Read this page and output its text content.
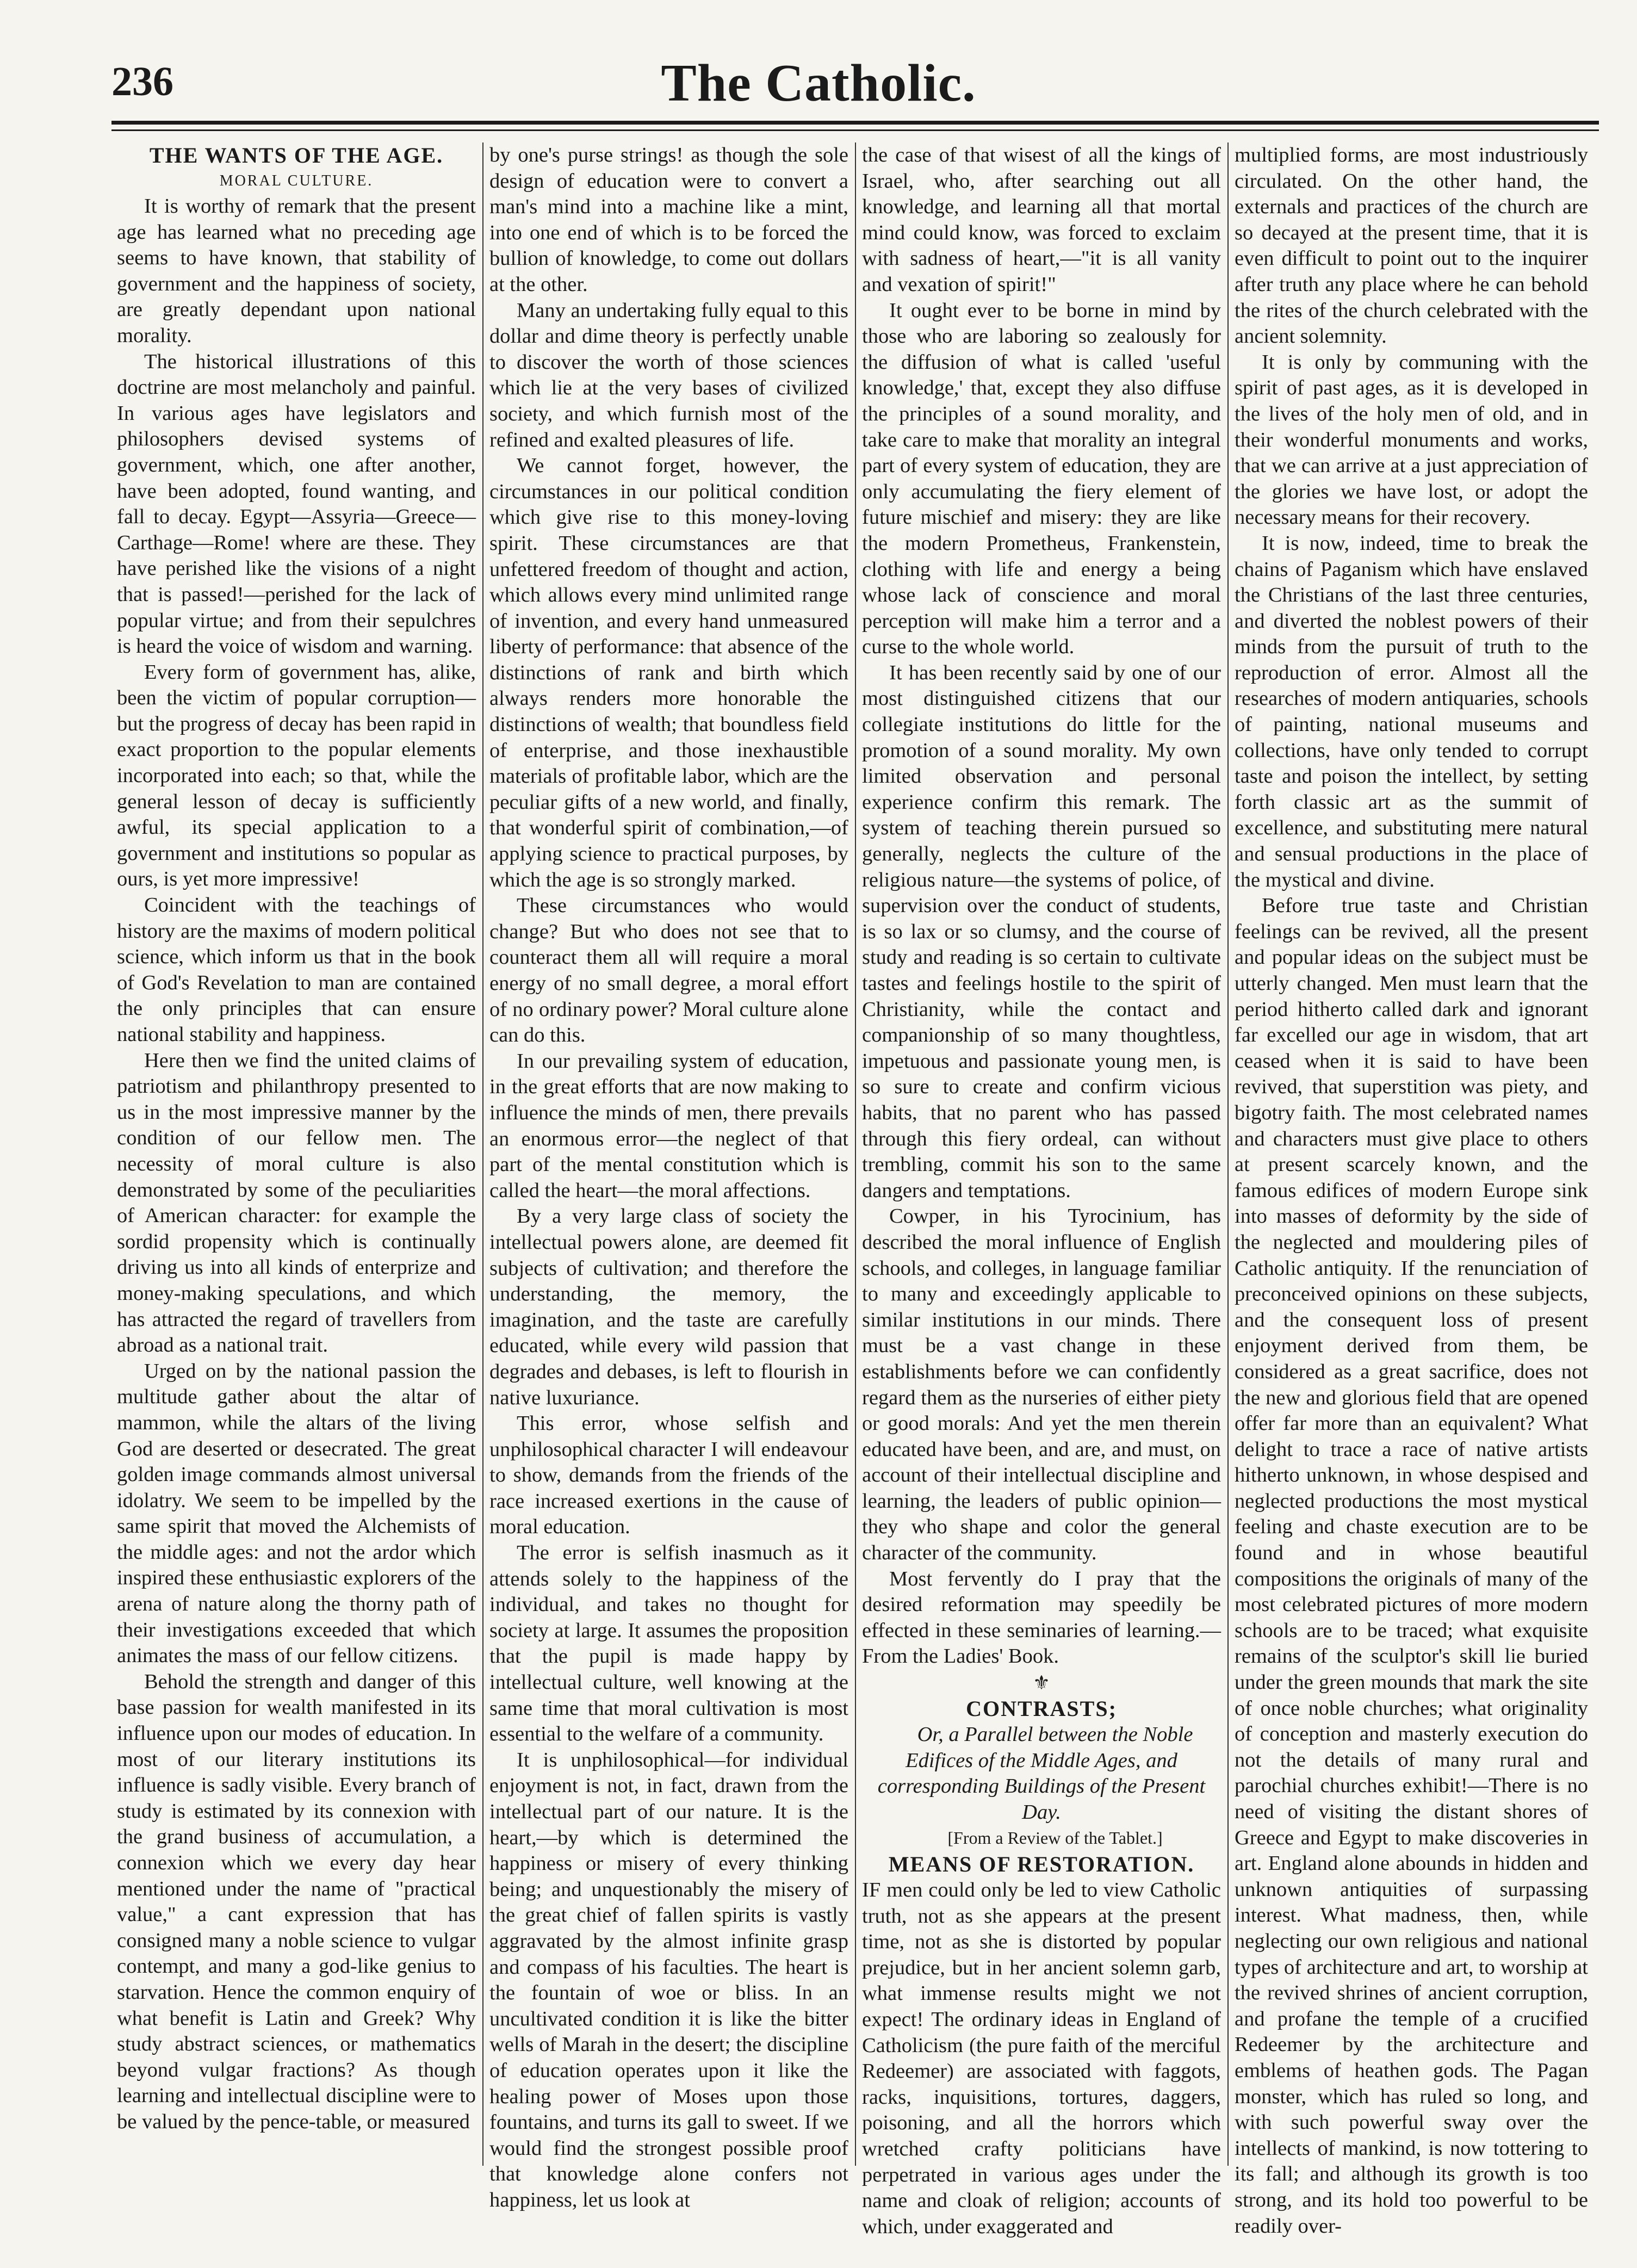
236	The Catholic.
THE WANTS OF THE AGE.
MORAL CULTURE.

It is worthy of remark that the present age has learned what no preceding age seems to have known, that stability of government and the happiness of society, are greatly dependant upon national morality.

The historical illustrations of this doctrine are most melancholy and painful. In various ages have legislators and philosophers devised systems of government, which, one after another, have been adopted, found wanting, and fall to decay. Egypt—Assyria—Greece—Carthage—Rome! where are these. They have perished like the visions of a night that is passed!—perished for the lack of popular virtue; and from their sepulchres is heard the voice of wisdom and warning.

Every form of government has, alike, been the victim of popular corruption—but the progress of decay has been rapid in exact proportion to the popular elements incorporated into each; so that, while the general lesson of decay is sufficiently awful, its special application to a government and institutions so popular as ours, is yet more impressive!

Coincident with the teachings of history are the maxims of modern political science, which inform us that in the book of God's Revelation to man are contained the only principles that can ensure national stability and happiness.

Here then we find the united claims of patriotism and philanthropy presented to us in the most impressive manner by the condition of our fellow men. The necessity of moral culture is also demonstrated by some of the peculiarities of American character: for example the sordid propensity which is continually driving us into all kinds of enterprize and money-making speculations, and which has attracted the regard of travellers from abroad as a national trait.

Urged on by the national passion the multitude gather about the altar of mammon, while the altars of the living God are deserted or desecrated. The great golden image commands almost universal idolatry. We seem to be impelled by the same spirit that moved the Alchemists of the middle ages: and not the ardor which inspired these enthusiastic explorers of the arena of nature along the thorny path of their investigations exceeded that which animates the mass of our fellow citizens.

Behold the strength and danger of this base passion for wealth manifested in its influence upon our modes of education. In most of our literary institutions its influence is sadly visible. Every branch of study is estimated by its connexion with the grand business of accumulation, a connexion which we every day hear mentioned under the name of "practical value," a cant expression that has consigned many a noble science to vulgar contempt, and many a god-like genius to starvation. Hence the common enquiry of what benefit is Latin and Greek? Why study abstract sciences, or mathematics beyond vulgar fractions? As though learning and intellectual discipline were to be valued by the pence-table, or measured

by one's purse strings! as though the sole design of education were to convert a man's mind into a machine like a mint, into one end of which is to be forced the bullion of knowledge, to come out dollars at the other.

Many an undertaking fully equal to this dollar and dime theory is perfectly unable to discover the worth of those sciences which lie at the very bases of civilized society, and which furnish most of the refined and exalted pleasures of life.

We cannot forget, however, the circumstances in our political condition which give rise to this money-loving spirit. These circumstances are that unfettered freedom of thought and action, which allows every mind unlimited range of invention, and every hand unmeasured liberty of performance: that absence of the distinctions of rank and birth which always renders more honorable the distinctions of wealth; that boundless field of enterprise, and those inexhaustible materials of profitable labor, which are the peculiar gifts of a new world, and finally, that wonderful spirit of combination,—of applying science to practical purposes, by which the age is so strongly marked.

These circumstances who would change? But who does not see that to counteract them all will require a moral energy of no small degree, a moral effort of no ordinary power? Moral culture alone can do this.

In our prevailing system of education, in the great efforts that are now making to influence the minds of men, there prevails an enormous error—the neglect of that part of the mental constitution which is called the heart—the moral affections.

By a very large class of society the intellectual powers alone, are deemed fit subjects of cultivation; and therefore the understanding, the memory, the imagination, and the taste are carefully educated, while every wild passion that degrades and debases, is left to flourish in native luxuriance.

This error, whose selfish and unphilosophical character I will endeavour to show, demands from the friends of the race increased exertions in the cause of moral education.

The error is selfish inasmuch as it attends solely to the happiness of the individual, and takes no thought for society at large. It assumes the proposition that the pupil is made happy by intellectual culture, well knowing at the same time that moral cultivation is most essential to the welfare of a community.

It is unphilosophical—for individual enjoyment is not, in fact, drawn from the intellectual part of our nature. It is the heart,—by which is determined the happiness or misery of every thinking being; and unquestionably the misery of the great chief of fallen spirits is vastly aggravated by the almost infinite grasp and compass of his faculties. The heart is the fountain of woe or bliss. In an uncultivated condition it is like the bitter wells of Marah in the desert; the discipline of education operates upon it like the healing power of Moses upon those fountains, and turns its gall to sweet. If we would find the strongest possible proof that knowledge alone confers not happiness, let us look at

the case of that wisest of all the kings of Israel, who, after searching out all knowledge, and learning all that mortal mind could know, was forced to exclaim with sadness of heart,—"it is all vanity and vexation of spirit!"

It ought ever to be borne in mind by those who are laboring so zealously for the diffusion of what is called 'useful knowledge,' that, except they also diffuse the principles of a sound morality, and take care to make that morality an integral part of every system of education, they are only accumulating the fiery element of future mischief and misery: they are like the modern Prometheus, Frankenstein, clothing with life and energy a being whose lack of conscience and moral perception will make him a terror and a curse to the whole world.

It has been recently said by one of our most distinguished citizens that our collegiate institutions do little for the promotion of a sound morality. My own limited observation and personal experience confirm this remark. The system of teaching therein pursued so generally, neglects the culture of the religious nature—the systems of police, of supervision over the conduct of students, is so lax or so clumsy, and the course of study and reading is so certain to cultivate tastes and feelings hostile to the spirit of Christianity, while the contact and companionship of so many thoughtless, impetuous and passionate young men, is so sure to create and confirm vicious habits, that no parent who has passed through this fiery ordeal, can without trembling, commit his son to the same dangers and temptations.

Cowper, in his Tyrocinium, has described the moral influence of English schools, and colleges, in language familiar to many and exceedingly applicable to similar institutions in our minds. There must be a vast change in these establishments before we can confidently regard them as the nurseries of either piety or good morals: And yet the men therein educated have been, and are, and must, on account of their intellectual discipline and learning, the leaders of public opinion—they who shape and color the general character of the community.

Most fervently do I pray that the desired reformation may speedily be effected in these seminaries of learning.—From the Ladies' Book.

⚜
CONTRASTS;

Or, a Parallel between the Noble Edifices of the Middle Ages, and corresponding Buildings of the Present Day.

[From a Review of the Tablet.]

MEANS OF RESTORATION.

IF men could only be led to view Catholic truth, not as she appears at the present time, not as she is distorted by popular prejudice, but in her ancient solemn garb, what immense results might we not expect! The ordinary ideas in England of Catholicism (the pure faith of the merciful Redeemer) are associated with faggots, racks, inquisitions, tortures, daggers, poisoning, and all the horrors which wretched crafty politicians have perpetrated in various ages under the name and cloak of religion; accounts of which, under exaggerated and

multiplied forms, are most industriously circulated. On the other hand, the externals and practices of the church are so decayed at the present time, that it is even difficult to point out to the inquirer after truth any place where he can behold the rites of the church celebrated with the ancient solemnity.

It is only by communing with the spirit of past ages, as it is developed in the lives of the holy men of old, and in their wonderful monuments and works, that we can arrive at a just appreciation of the glories we have lost, or adopt the necessary means for their recovery.

It is now, indeed, time to break the chains of Paganism which have enslaved the Christians of the last three centuries, and diverted the noblest powers of their minds from the pursuit of truth to the reproduction of error. Almost all the researches of modern antiquaries, schools of painting, national museums and collections, have only tended to corrupt taste and poison the intellect, by setting forth classic art as the summit of excellence, and substituting mere natural and sensual productions in the place of the mystical and divine.

Before true taste and Christian feelings can be revived, all the present and popular ideas on the subject must be utterly changed. Men must learn that the period hitherto called dark and ignorant far excelled our age in wisdom, that art ceased when it is said to have been revived, that superstition was piety, and bigotry faith. The most celebrated names and characters must give place to others at present scarcely known, and the famous edifices of modern Europe sink into masses of deformity by the side of the neglected and mouldering piles of Catholic antiquity. If the renunciation of preconceived opinions on these subjects, and the consequent loss of present enjoyment derived from them, be considered as a great sacrifice, does not the new and glorious field that are opened offer far more than an equivalent? What delight to trace a race of native artists hitherto unknown, in whose despised and neglected productions the most mystical feeling and chaste execution are to be found and in whose beautiful compositions the originals of many of the most celebrated pictures of more modern schools are to be traced; what exquisite remains of the sculptor's skill lie buried under the green mounds that mark the site of once noble churches; what originality of conception and masterly execution do not the details of many rural and parochial churches exhibit!—There is no need of visiting the distant shores of Greece and Egypt to make discoveries in art. England alone abounds in hidden and unknown antiquities of surpassing interest. What madness, then, while neglecting our own religious and national types of architecture and art, to worship at the revived shrines of ancient corruption, and profane the temple of a crucified Redeemer by the architecture and emblems of heathen gods. The Pagan monster, which has ruled so long, and with such powerful sway over the intellects of mankind, is now tottering to its fall; and although its growth is too strong, and its hold too powerful to be readily over-
